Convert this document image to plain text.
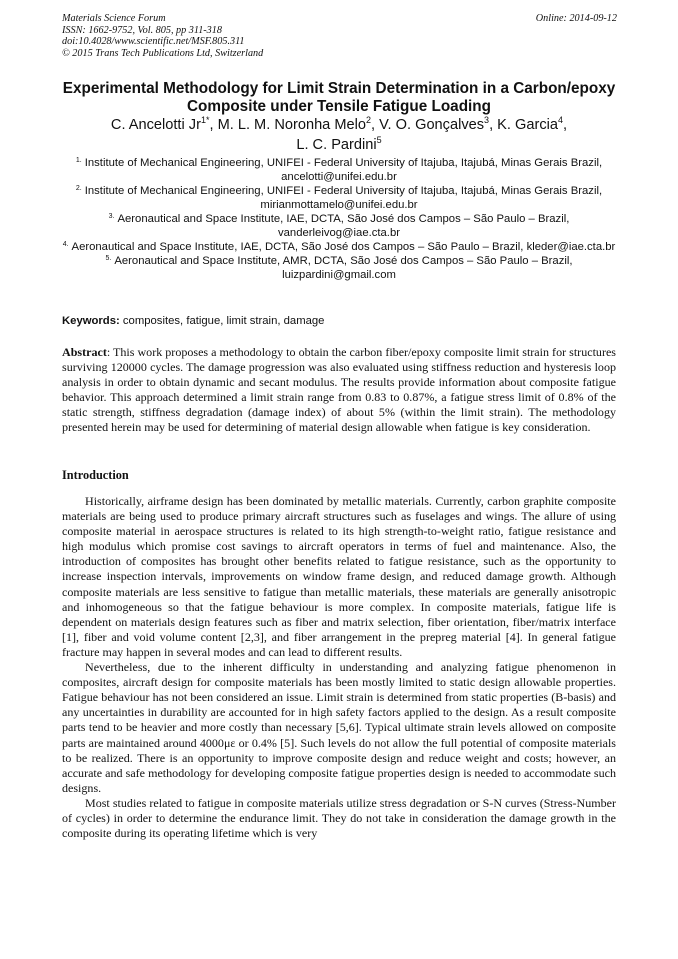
Materials Science Forum
ISSN: 1662-9752, Vol. 805, pp 311-318
doi:10.4028/www.scientific.net/MSF.805.311
© 2015 Trans Tech Publications Ltd, Switzerland
Online: 2014-09-12
Experimental Methodology for Limit Strain Determination in a Carbon/epoxy Composite under Tensile Fatigue Loading
C. Ancelotti $Jr^{1*}$, M. L. M. Noronha Melo$^2$, V. O. Gonçalves$^3$, K. Garcia$^4$,
L. C. Pardini$^5$
$^{1.}$ Institute of Mechanical Engineering, UNIFEI - Federal University of Itajuba, Itajubá, Minas Gerais Brazil, ancelotti@unifei.edu.br
$^{2.}$ Institute of Mechanical Engineering, UNIFEI - Federal University of Itajuba, Itajubá, Minas Gerais Brazil, mirianmottamelo@unifei.edu.br
$^{3.}$ Aeronautical and Space Institute, IAE, DCTA, São José dos Campos – São Paulo – Brazil, vanderleivog@iae.cta.br
$^{4.}$ Aeronautical and Space Institute, IAE, DCTA, São José dos Campos – São Paulo – Brazil, kleder@iae.cta.br
$^{5.}$ Aeronautical and Space Institute, AMR, DCTA, São José dos Campos – São Paulo – Brazil, luizpardini@gmail.com
Keywords: composites, fatigue, limit strain, damage
Abstract: This work proposes a methodology to obtain the carbon fiber/epoxy composite limit strain for structures surviving 120000 cycles. The damage progression was also evaluated using stiffness reduction and hysteresis loop analysis in order to obtain dynamic and secant modulus. The results provide information about composite fatigue behavior. This approach determined a limit strain range from 0.83 to 0.87%, a fatigue stress limit of 0.8% of the static strength, stiffness degradation (damage index) of about 5% (within the limit strain). The methodology presented herein may be used for determining of material design allowable when fatigue is key consideration.
Introduction

Historically, airframe design has been dominated by metallic materials. Currently, carbon graphite composite materials are being used to produce primary aircraft structures such as fuselages and wings. The allure of using composite material in aerospace structures is related to its high strength-to-weight ratio, fatigue resistance and high modulus which promise cost savings to aircraft operators in terms of fuel and maintenance. Also, the introduction of composites has brought other benefits related to fatigue resistance, such as the opportunity to increase inspection intervals, improvements on window frame design, and reduced damage growth. Although composite materials are less sensitive to fatigue than metallic materials, these materials are generally anisotropic and inhomogeneous so that the fatigue behaviour is more complex. In composite materials, fatigue life is dependent on materials design features such as fiber and matrix selection, fiber orientation, fiber/matrix interface [1], fiber and void volume content [2,3], and fiber arrangement in the prepreg material [4]. In general fatigue fracture may happen in several modes and can lead to different results.

Nevertheless, due to the inherent difficulty in understanding and analyzing fatigue phenomenon in composites, aircraft design for composite materials has been mostly limited to static design allowable properties. Fatigue behaviour has not been considered an issue. Limit strain is determined from static properties (B-basis) and any uncertainties in durability are accounted for in high safety factors applied to the design. As a result composite parts tend to be heavier and more costly than necessary [5,6]. Typical ultimate strain levels allowed on composite parts are maintained around 4000με or 0.4% [5]. Such levels do not allow the full potential of composite materials to be realized. There is an opportunity to improve composite design and reduce weight and costs; however, an accurate and safe methodology for developing composite fatigue properties design is needed to accommodate such designs.

Most studies related to fatigue in composite materials utilize stress degradation or S-N curves (Stress-Number of cycles) in order to determine the endurance limit. They do not take in consideration the damage growth in the composite during its operating lifetime which is very
